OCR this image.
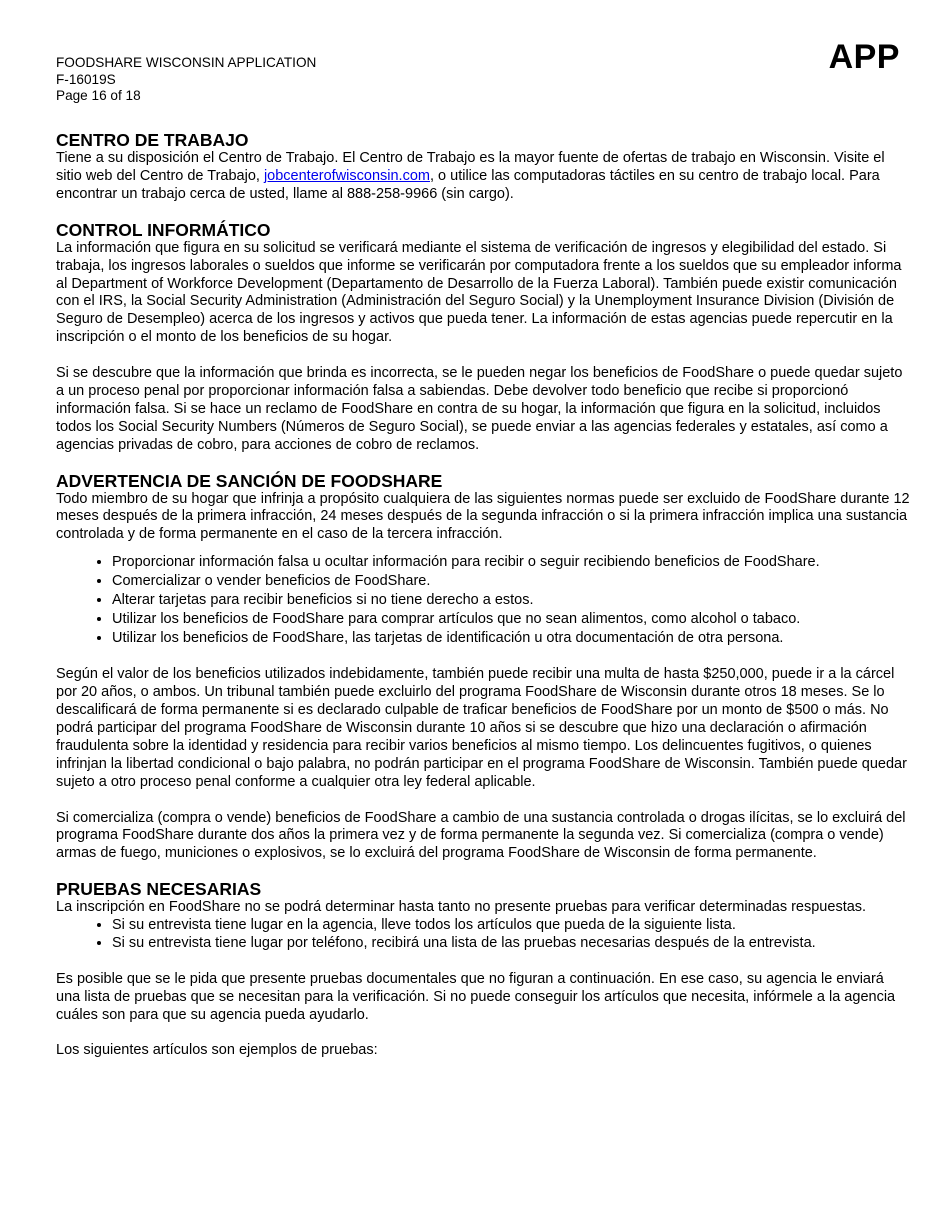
FOODSHARE WISCONSIN APPLICATION
F-16019S
Page 16 of 18
APP
CENTRO DE TRABAJO

Tiene a su disposición el Centro de Trabajo. El Centro de Trabajo es la mayor fuente de ofertas de trabajo en Wisconsin. Visite el sitio web del Centro de Trabajo, jobcenterofwisconsin.com, o utilice las computadoras táctiles en su centro de trabajo local. Para encontrar un trabajo cerca de usted, llame al 888-258-9966 (sin cargo).

CONTROL INFORMÁTICO

La información que figura en su solicitud se verificará mediante el sistema de verificación de ingresos y elegibilidad del estado. Si trabaja, los ingresos laborales o sueldos que informe se verificarán por computadora frente a los sueldos que su empleador informa al Department of Workforce Development (Departamento de Desarrollo de la Fuerza Laboral). También puede existir comunicación con el IRS, la Social Security Administration (Administración del Seguro Social) y la Unemployment Insurance Division (División de Seguro de Desempleo) acerca de los ingresos y activos que pueda tener. La información de estas agencias puede repercutir en la inscripción o el monto de los beneficios de su hogar.

Si se descubre que la información que brinda es incorrecta, se le pueden negar los beneficios de FoodShare o puede quedar sujeto a un proceso penal por proporcionar información falsa a sabiendas. Debe devolver todo beneficio que recibe si proporcionó información falsa. Si se hace un reclamo de FoodShare en contra de su hogar, la información que figura en la solicitud, incluidos todos los Social Security Numbers (Números de Seguro Social), se puede enviar a las agencias federales y estatales, así como a agencias privadas de cobro, para acciones de cobro de reclamos.

ADVERTENCIA DE SANCIÓN DE FOODSHARE

Todo miembro de su hogar que infrinja a propósito cualquiera de las siguientes normas puede ser excluido de FoodShare durante 12 meses después de la primera infracción, 24 meses después de la segunda infracción o si la primera infracción implica una sustancia controlada y de forma permanente en el caso de la tercera infracción.

• Proporcionar información falsa u ocultar información para recibir o seguir recibiendo beneficios de FoodShare.
• Comercializar o vender beneficios de FoodShare.
• Alterar tarjetas para recibir beneficios si no tiene derecho a estos.
• Utilizar los beneficios de FoodShare para comprar artículos que no sean alimentos, como alcohol o tabaco.
• Utilizar los beneficios de FoodShare, las tarjetas de identificación u otra documentación de otra persona.

Según el valor de los beneficios utilizados indebidamente, también puede recibir una multa de hasta $250,000, puede ir a la cárcel por 20 años, o ambos. Un tribunal también puede excluirlo del programa FoodShare de Wisconsin durante otros 18 meses. Se lo descalificará de forma permanente si es declarado culpable de traficar beneficios de FoodShare por un monto de $500 o más. No podrá participar del programa FoodShare de Wisconsin durante 10 años si se descubre que hizo una declaración o afirmación fraudulenta sobre la identidad y residencia para recibir varios beneficios al mismo tiempo. Los delincuentes fugitivos, o quienes infrinjan la libertad condicional o bajo palabra, no podrán participar en el programa FoodShare de Wisconsin. También puede quedar sujeto a otro proceso penal conforme a cualquier otra ley federal aplicable.

Si comercializa (compra o vende) beneficios de FoodShare a cambio de una sustancia controlada o drogas ilícitas, se lo excluirá del programa FoodShare durante dos años la primera vez y de forma permanente la segunda vez. Si comercializa (compra o vende) armas de fuego, municiones o explosivos, se lo excluirá del programa FoodShare de Wisconsin de forma permanente.

PRUEBAS NECESARIAS

La inscripción en FoodShare no se podrá determinar hasta tanto no presente pruebas para verificar determinadas respuestas.

• Si su entrevista tiene lugar en la agencia, lleve todos los artículos que pueda de la siguiente lista.
• Si su entrevista tiene lugar por teléfono, recibirá una lista de las pruebas necesarias después de la entrevista.

Es posible que se le pida que presente pruebas documentales que no figuran a continuación. En ese caso, su agencia le enviará una lista de pruebas que se necesitan para la verificación. Si no puede conseguir los artículos que necesita, infórmele a la agencia cuáles son para que su agencia pueda ayudarlo.

Los siguientes artículos son ejemplos de pruebas:
